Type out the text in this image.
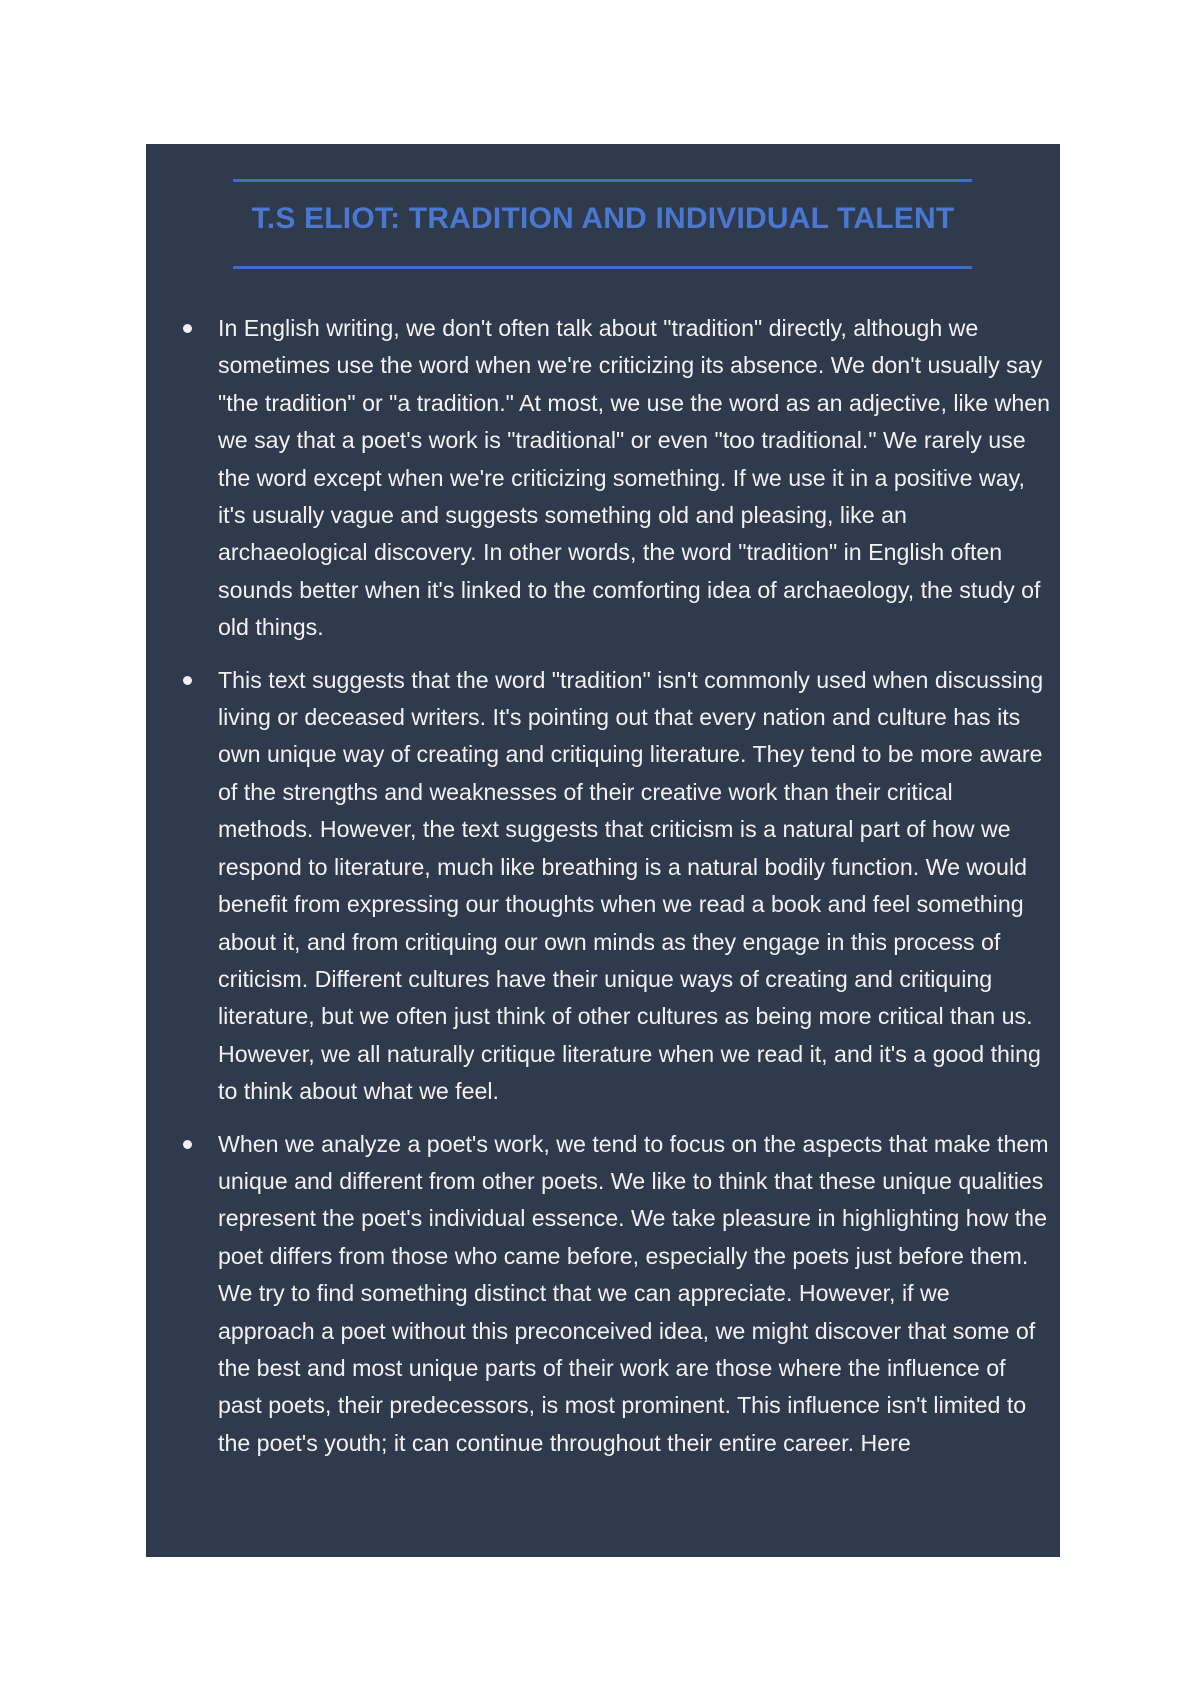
T.S ELIOT: TRADITION AND INDIVIDUAL TALENT
In English writing, we don't often talk about "tradition" directly, although we sometimes use the word when we're criticizing its absence. We don't usually say "the tradition" or "a tradition." At most, we use the word as an adjective, like when we say that a poet's work is "traditional" or even "too traditional." We rarely use the word except when we're criticizing something. If we use it in a positive way, it's usually vague and suggests something old and pleasing, like an archaeological discovery. In other words, the word "tradition" in English often sounds better when it's linked to the comforting idea of archaeology, the study of old things.
This text suggests that the word "tradition" isn't commonly used when discussing living or deceased writers. It's pointing out that every nation and culture has its own unique way of creating and critiquing literature. They tend to be more aware of the strengths and weaknesses of their creative work than their critical methods. However, the text suggests that criticism is a natural part of how we respond to literature, much like breathing is a natural bodily function. We would benefit from expressing our thoughts when we read a book and feel something about it, and from critiquing our own minds as they engage in this process of criticism. Different cultures have their unique ways of creating and critiquing literature, but we often just think of other cultures as being more critical than us. However, we all naturally critique literature when we read it, and it's a good thing to think about what we feel.
When we analyze a poet's work, we tend to focus on the aspects that make them unique and different from other poets. We like to think that these unique qualities represent the poet's individual essence. We take pleasure in highlighting how the poet differs from those who came before, especially the poets just before them. We try to find something distinct that we can appreciate. However, if we approach a poet without this preconceived idea, we might discover that some of the best and most unique parts of their work are those where the influence of past poets, their predecessors, is most prominent. This influence isn't limited to the poet's youth; it can continue throughout their entire career. Here
